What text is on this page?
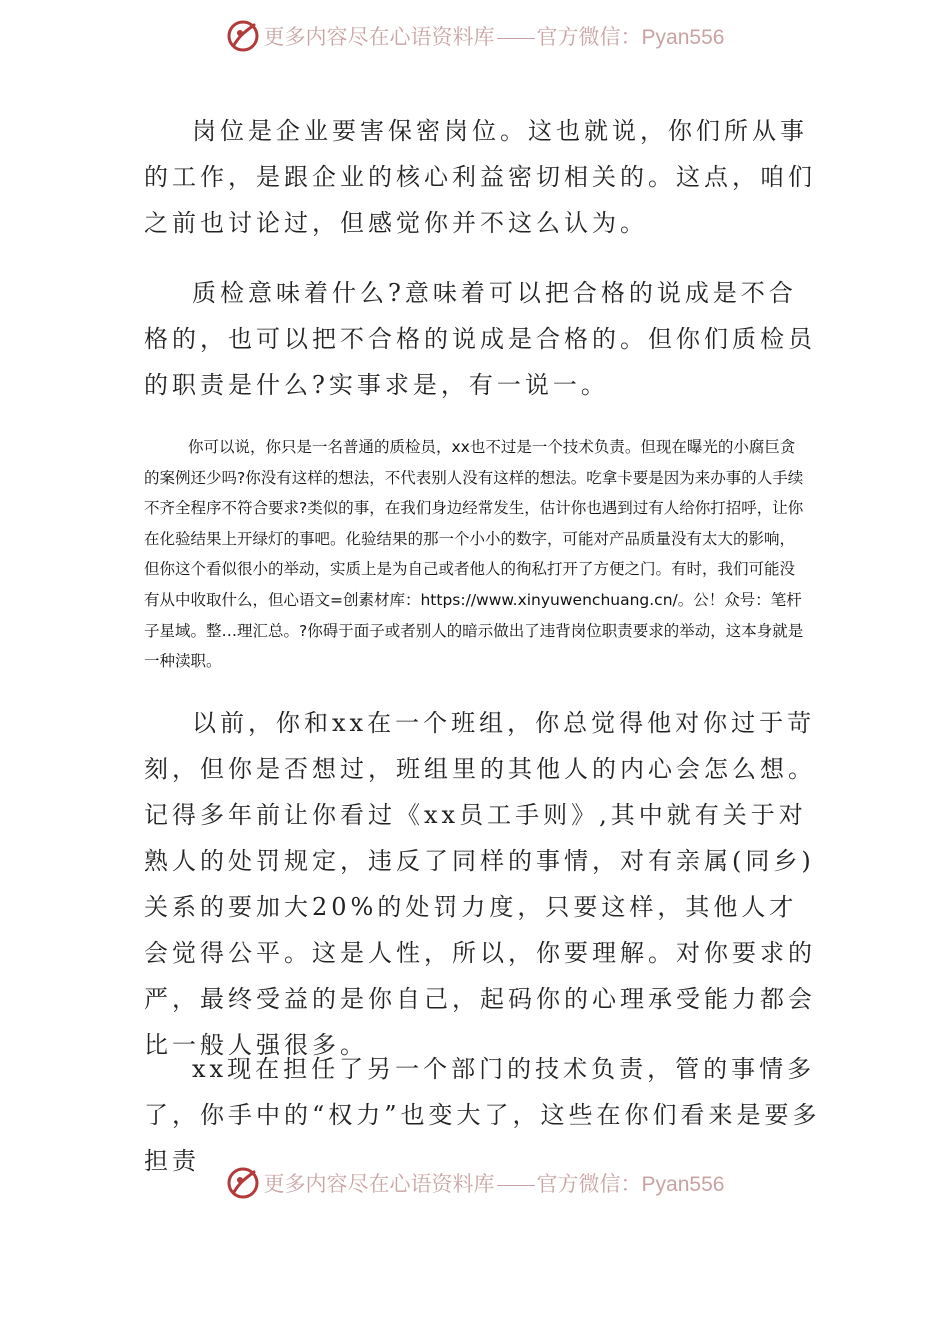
更多内容尽在心语资料库 官方微信：Pyan556

岗位是企业要害保密岗位。这也就说，你们所从事的工作，是跟企业的核心利益密切相关的。这点，咱们之前也讨论过，但感觉你并不这么认为。

质检意味着什么?意味着可以把合格的说成是不合格的，也可以把不合格的说成是合格的。但你们质检员的职责是什么?实事求是，有一说一。

你可以说，你只是一名普通的质检员，xx也不过是一个技术负责。但现在曝光的小腐巨贪的案例还少吗?你没有这样的想法，不代表别人没有这样的想法。吃拿卡要是因为来办事的人手续不齐全程序不符合要求?类似的事，在我们身边经常发生，估计你也遇到过有人给你打招呼，让你在化验结果上开绿灯的事吧。化验结果的那一个小小的数字，可能对产品质量没有太大的影响，但你这个看似很小的举动，实质上是为自己或者他人的徇私打开了方便之门。有时，我们可能没有从中收取什么，但心语文=创素材库：https://www.xinyuwenchuang.cn/。公！众号：笔杆子星域。整…理汇总。?你碍于面子或者别人的暗示做出了违背岗位职责要求的举动，这本身就是一种渎职。

以前，你和xx在一个班组，你总觉得他对你过于苛刻，但你是否想过，班组里的其他人的内心会怎么想。记得多年前让你看过《xx员工手则》,其中就有关于对熟人的处罚规定，违反了同样的事情，对有亲属(同乡)关系的要加大20%的处罚力度，只要这样，其他人才会觉得公平。这是人性，所以，你要理解。对你要求的严，最终受益的是你自己，起码你的心理承受能力都会比一般人强很多。

xx现在担任了另一个部门的技术负责，管的事情多了，你手中的“权力”也变大了，这些在你们看来是要多担责

更多内容尽在心语资料库 官方微信：Pyan556
